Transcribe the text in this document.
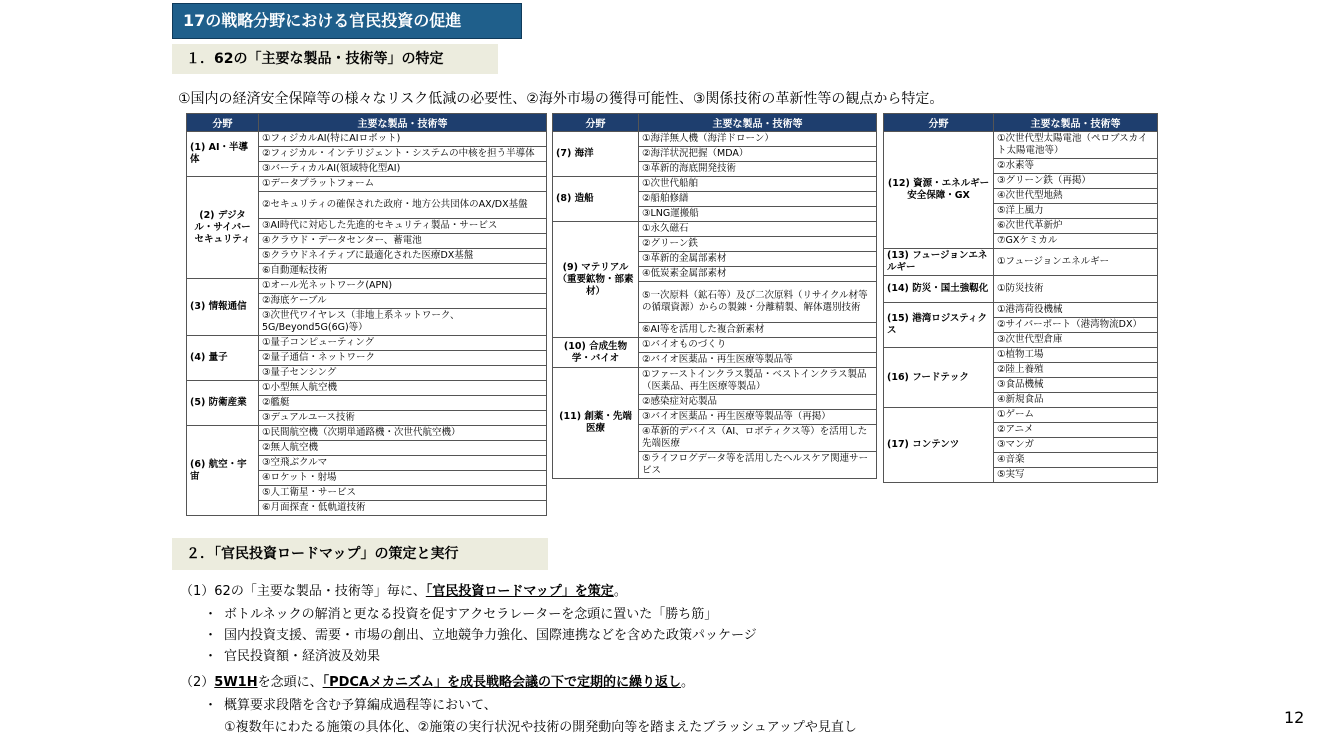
17の戦略分野における官民投資の促進
１．62の「主要な製品・技術等」の特定
①国内の経済安全保障等の様々なリスク低減の必要性、②海外市場の獲得可能性、③関係技術の革新性等の観点から特定。
分野	主要な製品・技術等
(1) AI・半導体	①フィジカルAI(特にAIロボット)
	②フィジカル・インテリジェント・システムの中核を担う半導体
	③バーティカルAI(領域特化型AI)
(2) デジタル・サイバーセキュリティ	①データプラットフォーム
	②セキュリティの確保された政府・地方公共団体のAX/DX基盤
	③AI時代に対応した先進的セキュリティ製品・サービス
	④クラウド・データセンター、蓄電池
	⑤クラウドネイティブに最適化された医療DX基盤
	⑥自動運転技術
(3) 情報通信	①オール光ネットワーク(APN)
	②海底ケーブル
	③次世代ワイヤレス（非地上系ネットワーク、5G/Beyond5G(6G)等）
(4) 量子	①量子コンピューティング
	②量子通信・ネットワーク
	③量子センシング
(5) 防衛産業	①小型無人航空機
	②艦艇
	③デュアルユース技術
(6) 航空・宇宙	①民間航空機（次期単通路機・次世代航空機）
	②無人航空機
	③空飛ぶクルマ
	④ロケット・射場
	⑤人工衛星・サービス
	⑥月面探査・低軌道技術
分野	主要な製品・技術等
(7) 海洋	①海洋無人機（海洋ドローン）
	②海洋状況把握（MDA）
	③革新的海底開発技術
(8) 造船	①次世代船舶
	②船舶修繕
	③LNG運搬船
(9) マテリアル（重要鉱物・部素材）	①永久磁石
	②グリーン鉄
	③革新的金属部素材
	④低炭素金属部素材
	⑤一次原料（鉱石等）及び二次原料（リサイクル材等の循環資源）からの製錬・分離精製、解体選別技術
	⑥AI等を活用した複合新素材
(10) 合成生物学・バイオ	①バイオものづくり
	②バイオ医薬品・再生医療等製品等
(11) 創薬・先端医療	①ファーストインクラス製品・ベストインクラス製品（医薬品、再生医療等製品）
	②感染症対応製品
	③バイオ医薬品・再生医療等製品等（再掲）
	④革新的デバイス（AI、ロボティクス等）を活用した先端医療
	⑤ライフログデータ等を活用したヘルスケア関連サービス
分野	主要な製品・技術等
(12) 資源・エネルギー安全保障・GX	①次世代型太陽電池（ペロブスカイト太陽電池等）
	②水素等
	③グリーン鉄（再掲）
	④次世代型地熱
	⑤洋上風力
	⑥次世代革新炉
	⑦GXケミカル
(13) フュージョンエネルギー	①フュージョンエネルギー
(14) 防災・国土強靱化	①防災技術
(15) 港湾ロジスティクス	①港湾荷役機械
	②サイバーポート（港湾物流DX）
	③次世代型倉庫
(16) フードテック	①植物工場
	②陸上養殖
	③食品機械
	④新規食品
(17) コンテンツ	①ゲーム
	②アニメ
	③マンガ
	④音楽
	⑤実写
２．「官民投資ロードマップ」の策定と実行
（1）62の「主要な製品・技術等」毎に、「官民投資ロードマップ」を策定。
・ ボトルネックの解消と更なる投資を促すアクセラレーターを念頭に置いた「勝ち筋」
・ 国内投資支援、需要・市場の創出、立地競争力強化、国際連携などを含めた政策パッケージ
・ 官民投資額・経済波及効果
（2）5W1Hを念頭に、「PDCAメカニズム」を成長戦略会議の下で定期的に繰り返し。
・ 概算要求段階を含む予算編成過程等において、
①複数年にわたる施策の具体化、②施策の実行状況や技術の開発動向等を踏まえたブラッシュアップや見直し
12
